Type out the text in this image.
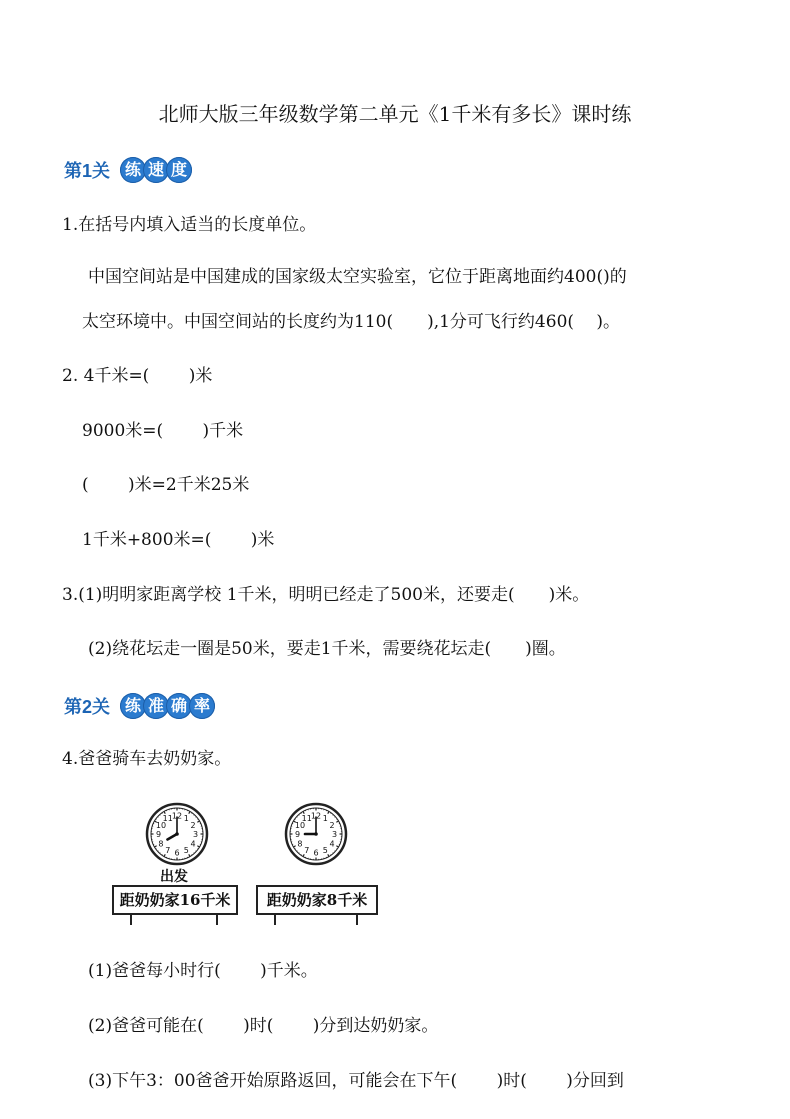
北师大版三年级数学第二单元《1千米有多长》课时练
第1关 练 速 度
1.在括号内填入适当的长度单位。
中国空间站是中国建成的国家级太空实验室，它位于距离地面约400()的
太空环境中。中国空间站的长度约为110(　　),1分可飞行约460(　 )。
2. 4千米=(　　 )米
9000米=(　　 )千米
(　　 )米=2千米25米
1千米+800米=(　　 )米
3.(1)明明家距离学校 1千米，明明已经走了500米，还要走(　　)米。
(2)绕花坛走一圈是50米，要走1千米，需要绕花坛走(　　)圈。
第2关 练 准 确 率
4.爸爸骑车去奶奶家。
1
2
3
4
5
6
7
8
9
10
11 12	1
2
3
4
5
6
7
8
9
10
11 12
出发
距奶奶家16千米	距奶奶家8千米
(1)爸爸每小时行(　　 )千米。
(2)爸爸可能在(　　 )时(　　 )分到达奶奶家。
(3)下午3：00爸爸开始原路返回，可能会在下午(　　 )时(　　 )分回到
